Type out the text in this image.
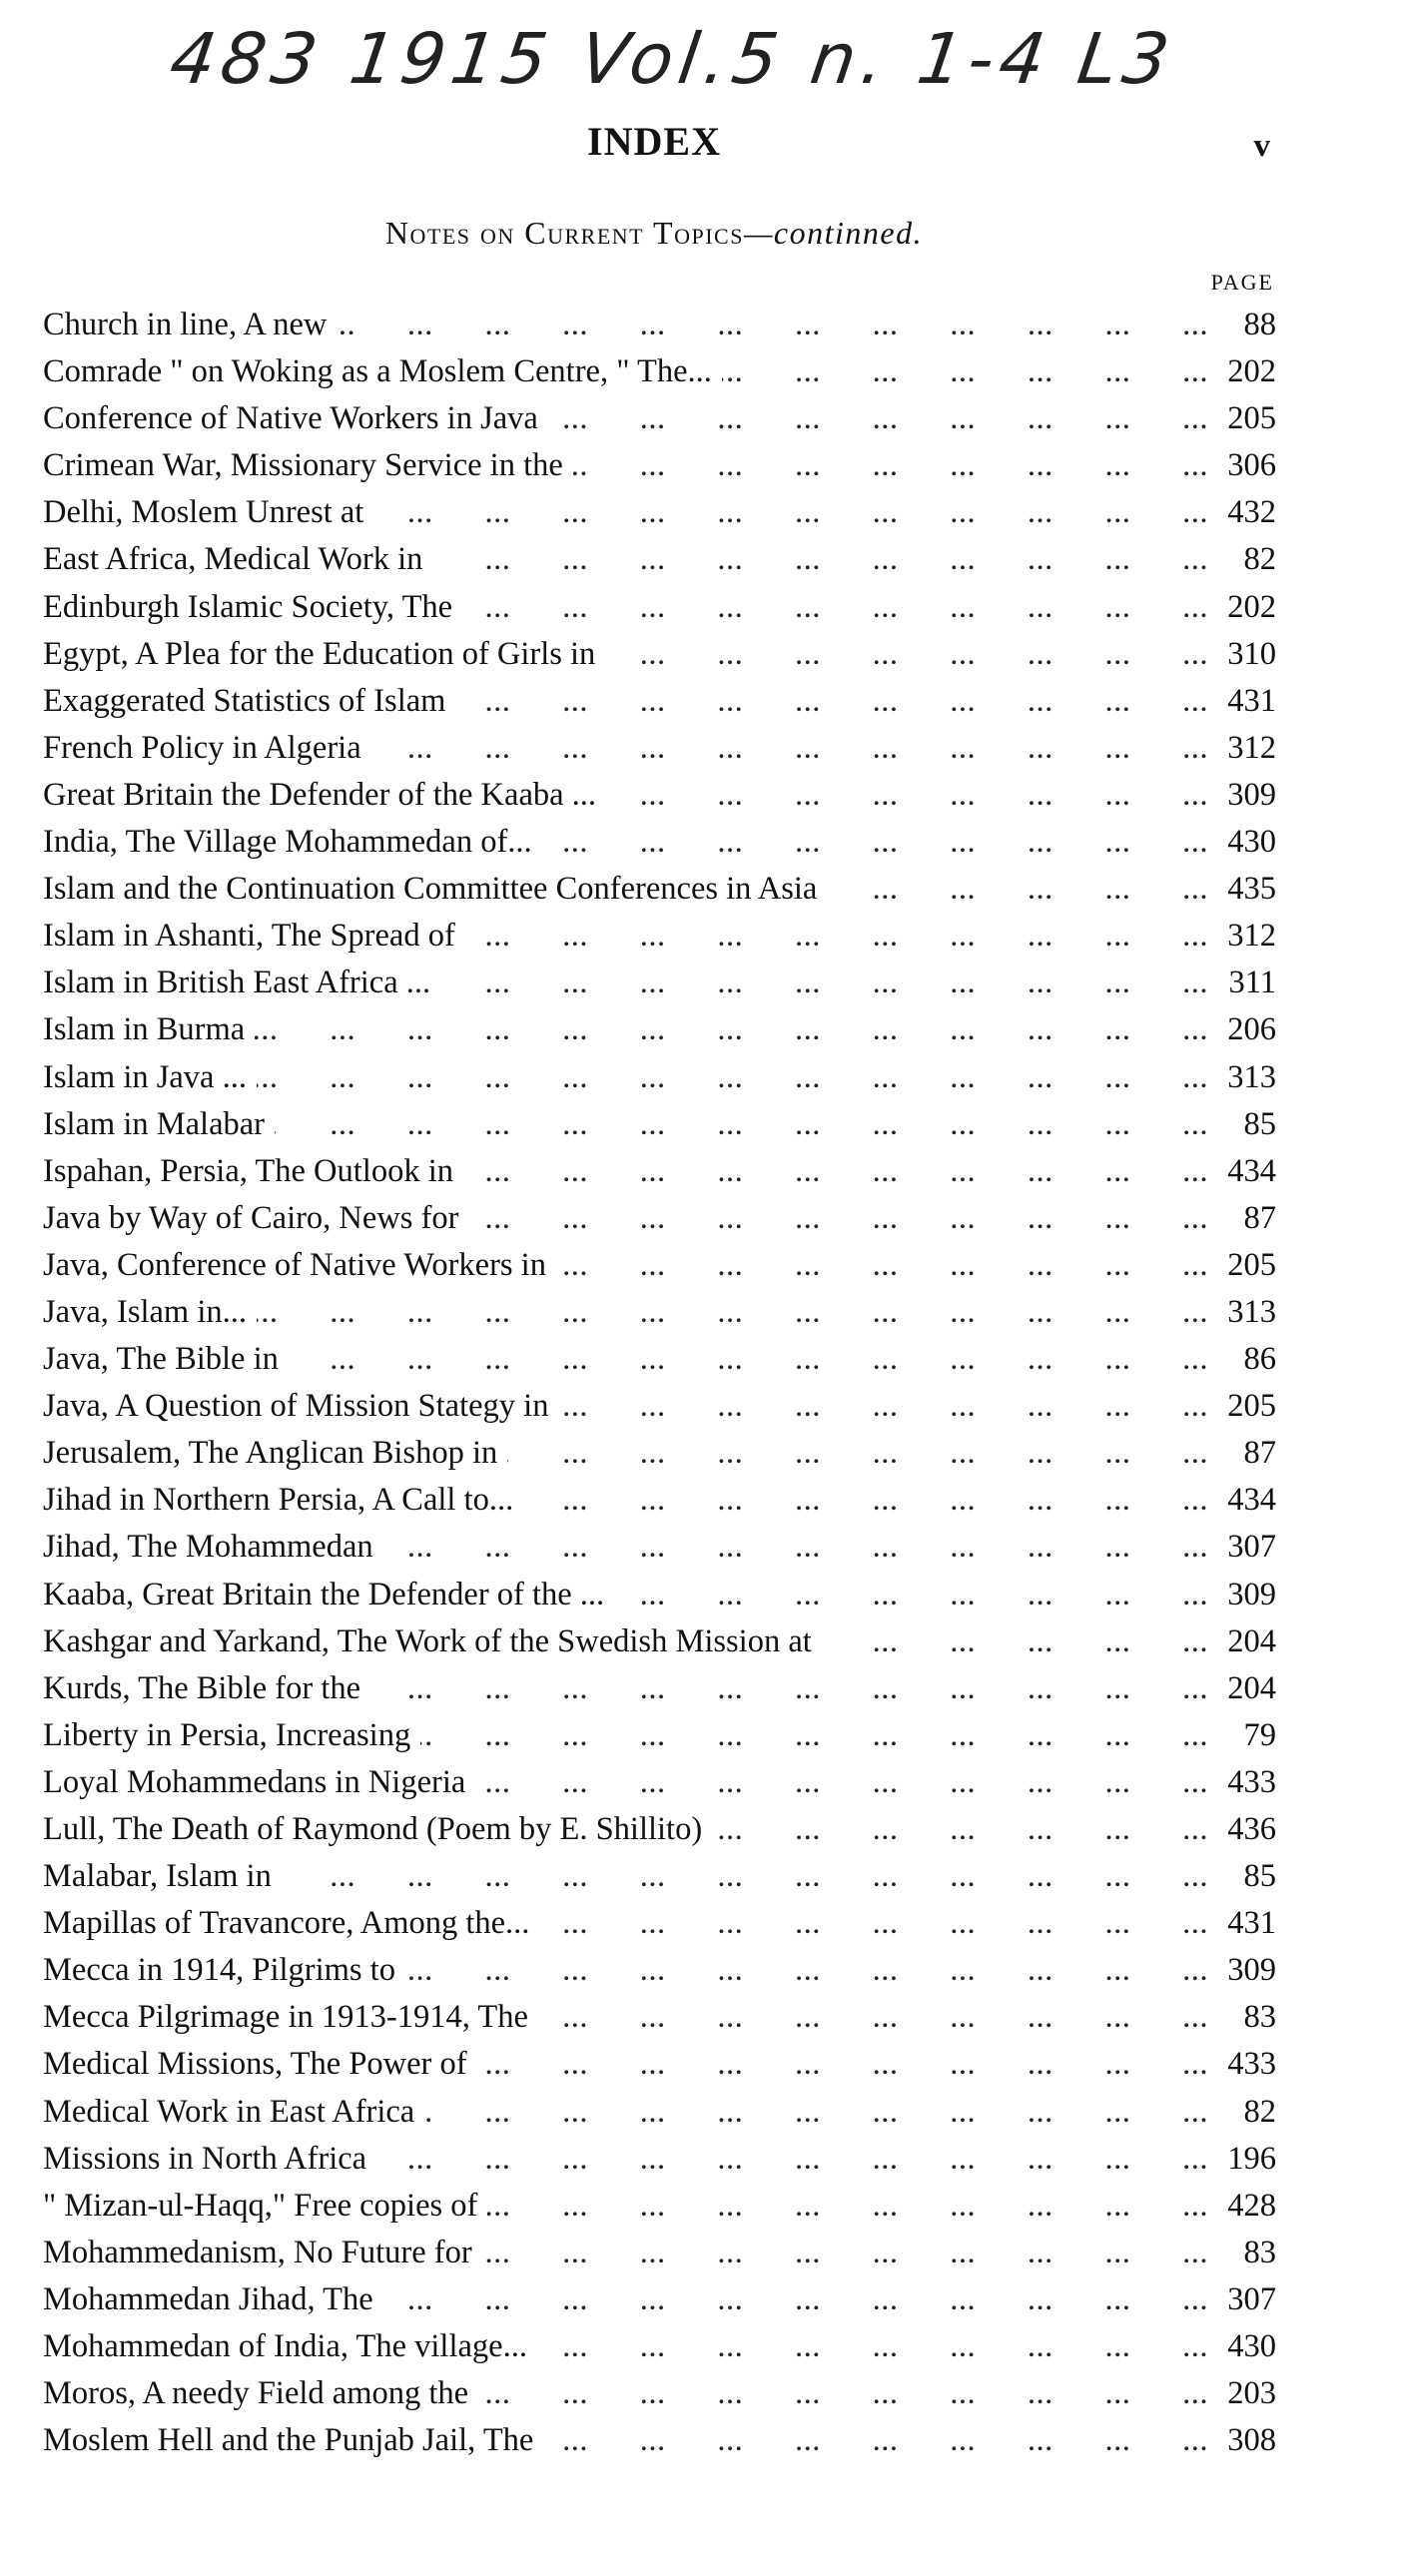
483 1915 Vol.5 n. 1-4 L3
INDEX	v
Notes on Current Topics—continned.
PAGE
Church in line, A new ...	88
Comrade " on Woking as a Moslem Centre, " The... ...	202
Conference of Native Workers in Java ...	205
Crimean War, Missionary Service in the ...	306
Delhi, Moslem Unrest at ...	432
East Africa, Medical Work in ...	82
Edinburgh Islamic Society, The ...	202
Egypt, A Plea for the Education of Girls in ...	310
Exaggerated Statistics of Islam ...	431
French Policy in Algeria ...	312
Great Britain the Defender of the Kaaba ... ...	309
India, The Village Mohammedan of... ...	430
Islam and the Continuation Committee Conferences in Asia ...	435
Islam in Ashanti, The Spread of ...	312
Islam in British East Africa ... ...	311
Islam in Burma ...	206
Islam in Java ... ...	313
Islam in Malabar ...	85
Ispahan, Persia, The Outlook in ...	434
Java by Way of Cairo, News for ...	87
Java, Conference of Native Workers in ...	205
Java, Islam in... ...	313
Java, The Bible in ...	86
Java, A Question of Mission Stategy in ...	205
Jerusalem, The Anglican Bishop in ...	87
Jihad in Northern Persia, A Call to... ...	434
Jihad, The Mohammedan ...	307
Kaaba, Great Britain the Defender of the ... ...	309
Kashgar and Yarkand, The Work of the Swedish Mission at ...	204
Kurds, The Bible for the ...	204
Liberty in Persia, Increasing ...	79
Loyal Mohammedans in Nigeria ...	433
Lull, The Death of Raymond (Poem by E. Shillito) ...	436
Malabar, Islam in ...	85
Mapillas of Travancore, Among the... ...	431
Mecca in 1914, Pilgrims to ...	309
Mecca Pilgrimage in 1913-1914, The ...	83
Medical Missions, The Power of ...	433
Medical Work in East Africa ...	82
Missions in North Africa ...	196
" Mizan-ul-Haqq," Free copies of ...	428
Mohammedanism, No Future for ...	83
Mohammedan Jihad, The ...	307
Mohammedan of India, The village... ...	430
Moros, A needy Field among the ...	203
Moslem Hell and the Punjab Jail, The ...	308
